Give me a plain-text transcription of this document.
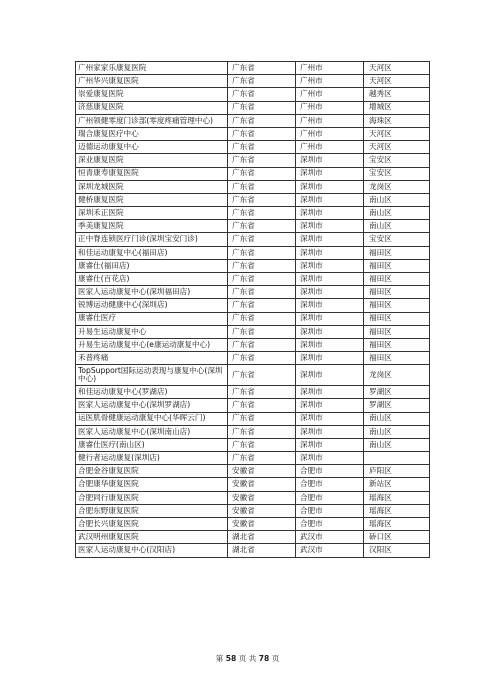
广州家家乐康复医院	广东省	广州市	天河区
广州华兴康复医院	广东省	广州市	天河区
崇爱康复医院	广东省	广州市	越秀区
济慈康复医院	广东省	广州市	增城区
广州领健零度门诊部(零度疼痛管理中心)	广东省	广州市	海珠区
瑞合康复医疗中心	广东省	广州市	天河区
迈德运动康复中心	广东省	广州市	天河区
深业康复医院	广东省	深圳市	宝安区
恒青康寿康复医院	广东省	深圳市	宝安区
深圳龙城医院	广东省	深圳市	龙岗区
健桥康复医院	广东省	深圳市	南山区
深圳禾正医院	广东省	深圳市	南山区
季美康复医院	广东省	深圳市	南山区
正中脊连锁医疗门诊(深圳宝安门诊)	广东省	深圳市	宝安区
和佳运动康复中心(福田店)	广东省	深圳市	福田区
康睿仕(福田店)	广东省	深圳市	福田区
康睿仕(百花店)	广东省	深圳市	福田区
医家人运动康复中心(深圳福田店)	广东省	深圳市	福田区
锐博运动健康中心(深圳店)	广东省	深圳市	福田区
康睿仕医疗	广东省	深圳市	福田区
升易生运动康复中心	广东省	深圳市	福田区
升易生运动康复中心(e康运动康复中心)	广东省	深圳市	福田区
禾普疼痛	广东省	深圳市	福田区
TopSupport国际运动表现与康复中心(深圳中心)	广东省	深圳市	龙岗区
和佳运动康复中心(罗湖店)	广东省	深圳市	罗湖区
医家人运动康复中心(深圳罗湖店)	广东省	深圳市	罗湖区
运医肌骨健康运动康复中心(华晖云门)	广东省	深圳市	南山区
医家人运动康复中心(深圳南山店)	广东省	深圳市	南山区
康睿仕医疗(南山区)	广东省	深圳市	南山区
健行者运动康复(深圳店)	广东省	深圳市	
合肥金谷康复医院	安徽省	合肥市	庐阳区
合肥康华康复医院	安徽省	合肥市	新站区
合肥同行康复医院	安徽省	合肥市	瑶海区
合肥东野康复医院	安徽省	合肥市	瑶海区
合肥长兴康复医院	安徽省	合肥市	瑶海区
武汉明州康复医院	湖北省	武汉市	硚口区
医家人运动康复中心(汉阳店)	湖北省	武汉市	汉阳区
第 58 页 共 78 页
